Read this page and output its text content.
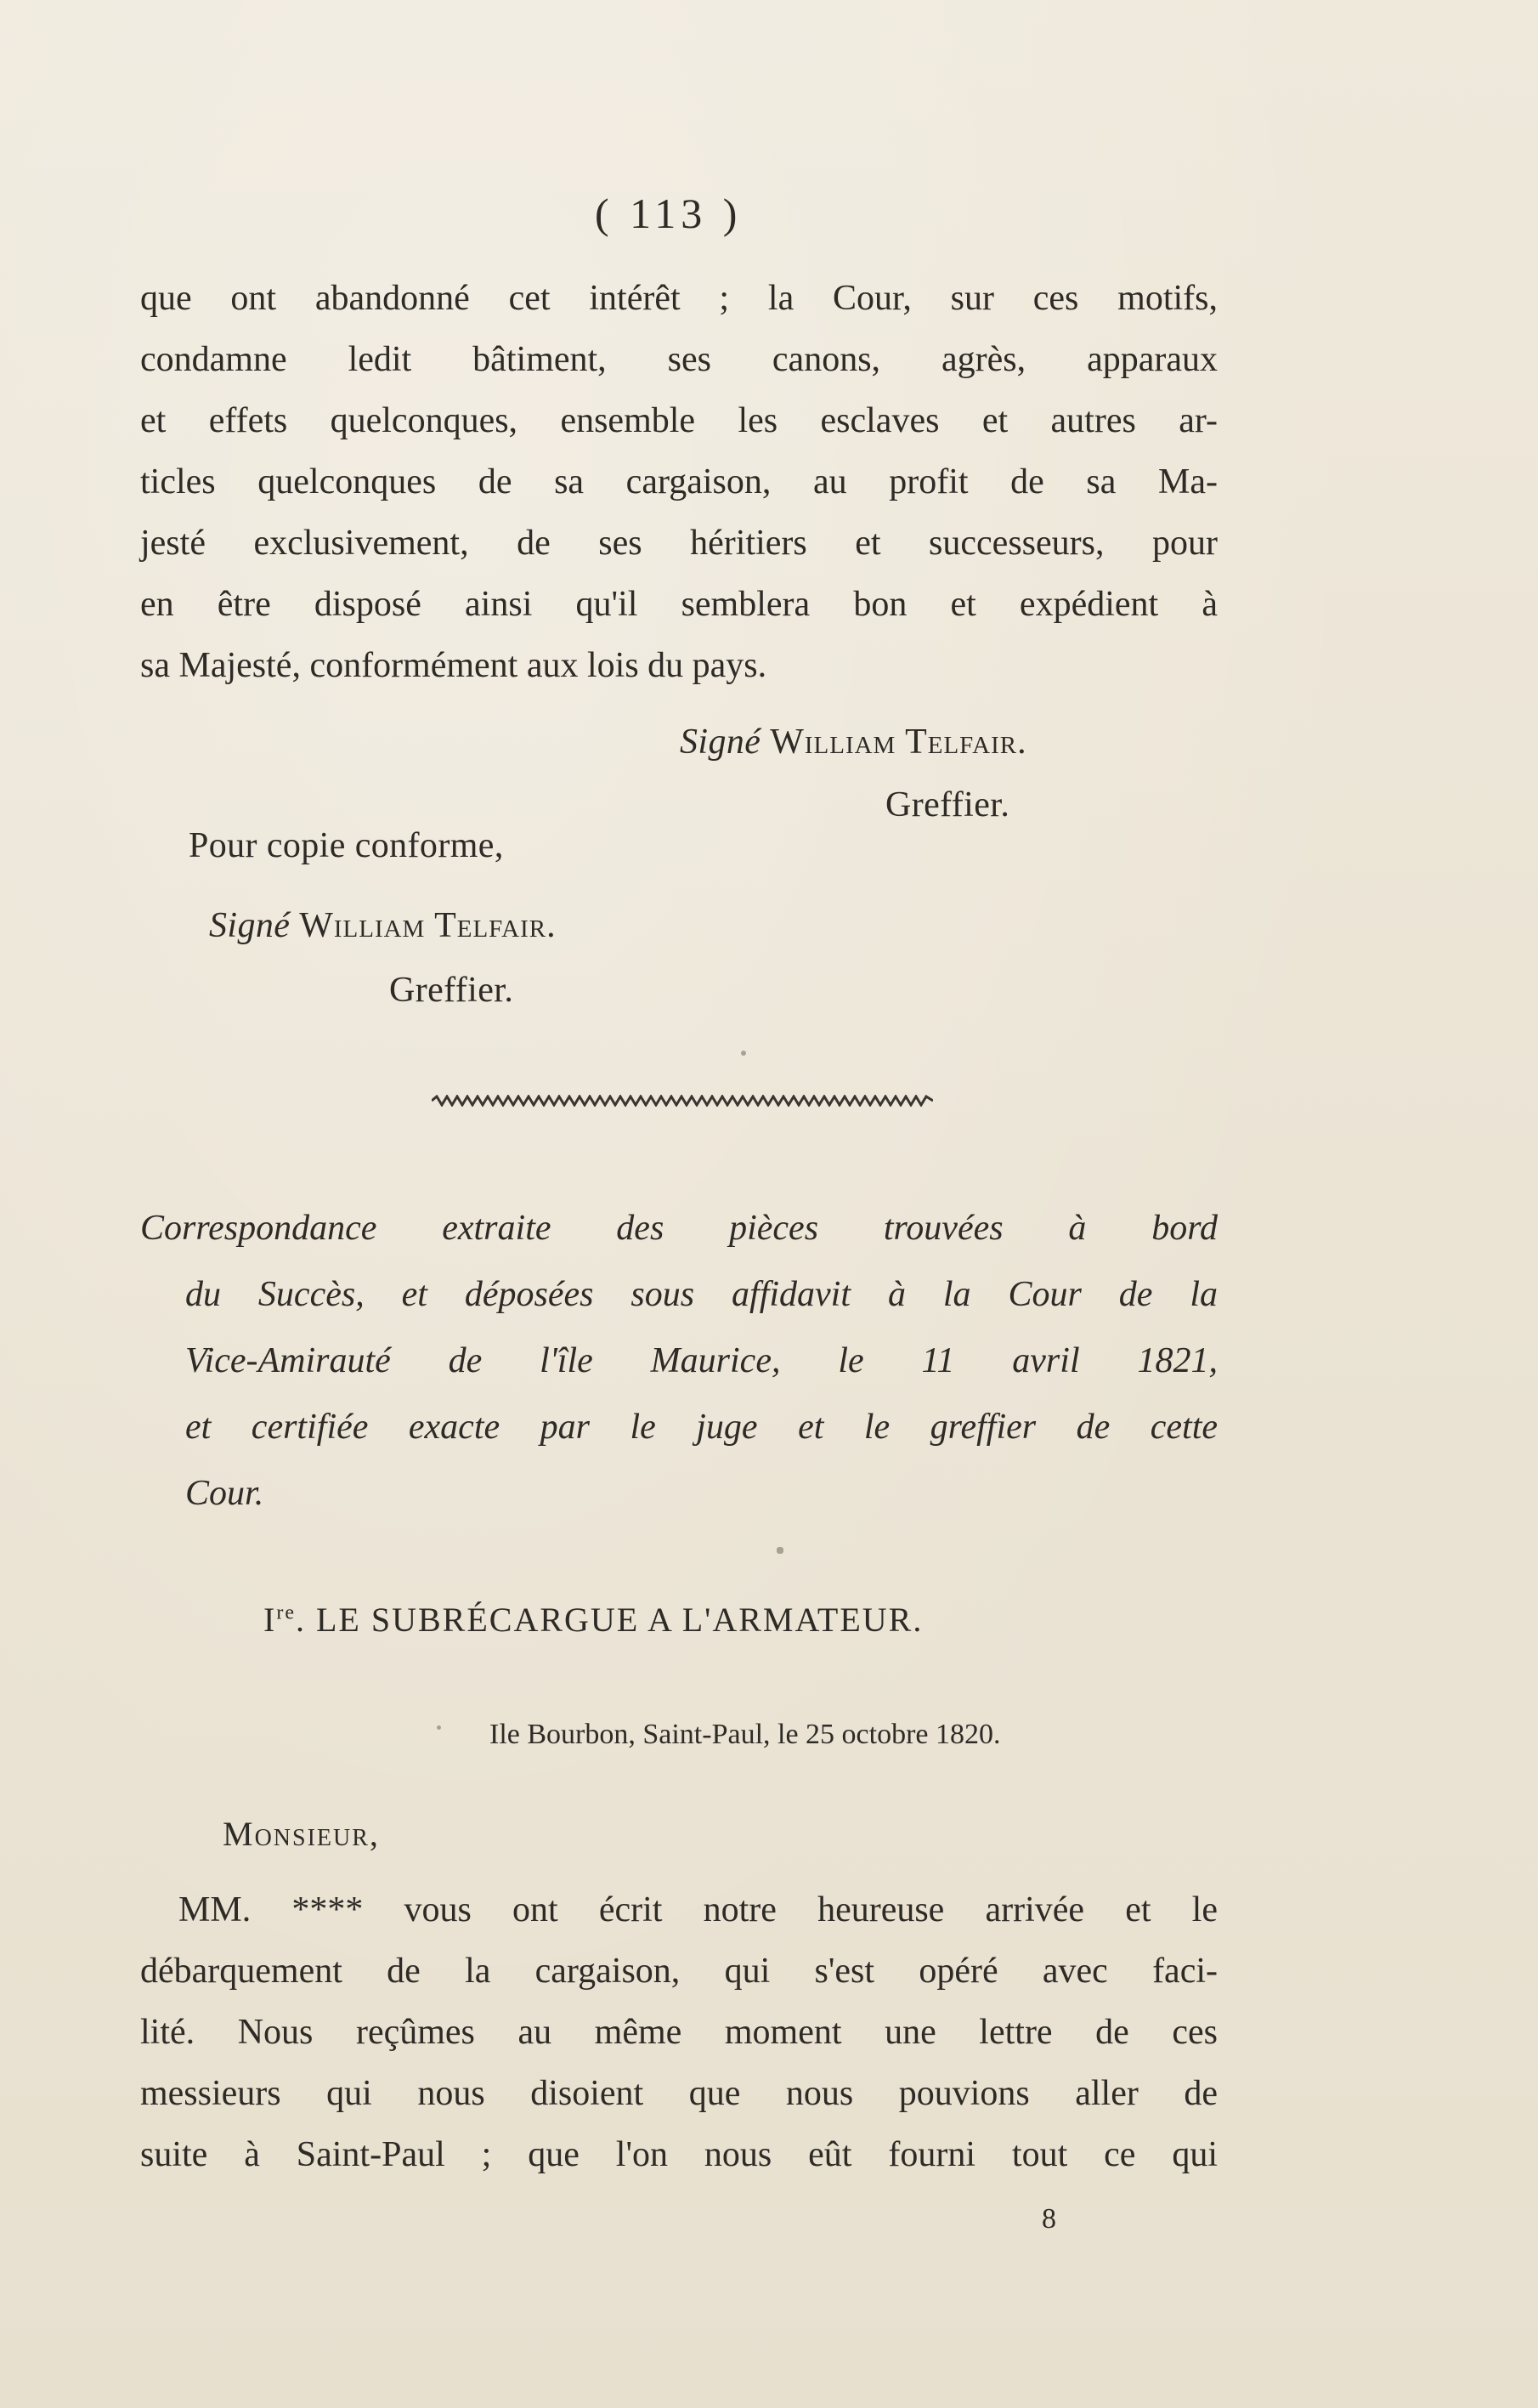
( 113 )
que ont abandonné cet intérêt ; la Cour, sur ces motifs,
condamne ledit bâtiment, ses canons, agrès, apparaux
et effets quelconques, ensemble les esclaves et autres ar-
ticles quelconques de sa cargaison, au profit de sa Ma-
jesté exclusivement, de ses héritiers et successeurs, pour
en être disposé ainsi qu'il semblera bon et expédient à
sa Majesté, conformément aux lois du pays.
Signé William Telfair.
Greffier.
Pour copie conforme,
Signé William Telfair.
Greffier.
Correspondance extraite des pièces trouvées à bord
du Succès, et déposées sous affidavit à la Cour de la
Vice-Amirauté de l'île Maurice, le 11 avril 1821,
et certifiée exacte par le juge et le greffier de cette
Cour.
Ire. LE SUBRÉCARGUE A L'ARMATEUR.
Ile Bourbon, Saint-Paul, le 25 octobre 1820.
Monsieur,
MM. **** vous ont écrit notre heureuse arrivée et le
débarquement de la cargaison, qui s'est opéré avec faci-
lité. Nous reçûmes au même moment une lettre de ces
messieurs qui nous disoient que nous pouvions aller de
suite à Saint-Paul ; que l'on nous eût fourni tout ce qui
8
